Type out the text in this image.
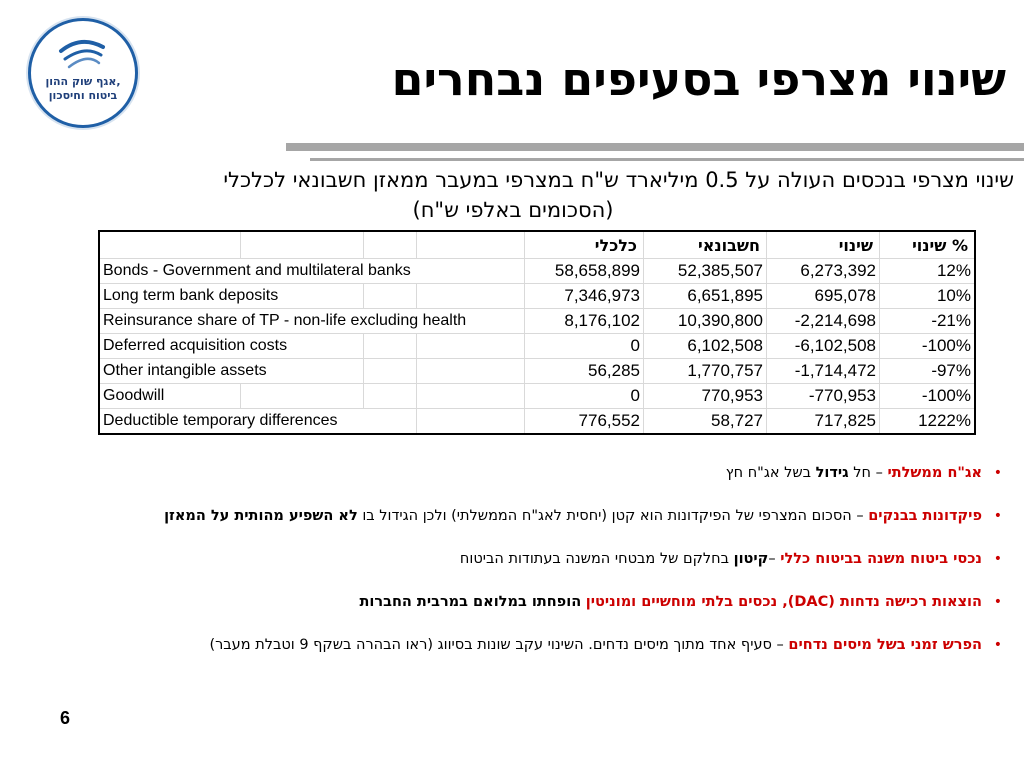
אגף שוק ההון,
ביטוח וחיסכון	שינוי מצרפי בסעיפים נבחרים
שינוי מצרפי בנכסים העולה על 0.5 מיליארד ש"ח במצרפי במעבר ממאזן חשבונאי לכלכלי
(הסכומים באלפי ש"ח)
				כלכלי	חשבונאי	שינוי	% שינוי
Bonds - Government and multilateral banks				58,658,899	52,385,507	6,273,392	12%
Long term bank deposits				7,346,973	6,651,895	695,078	10%
Reinsurance share of TP - non-life excluding health				8,176,102	10,390,800	-2,214,698	-21%
Deferred acquisition costs				0	6,102,508	-6,102,508	-100%
Other intangible assets				56,285	1,770,757	-1,714,472	-97%
Goodwill				0	770,953	-770,953	-100%
Deductible temporary differences				776,552	58,727	717,825	1222%
• אג"ח ממשלתי – חל גידול בשל אג"ח חץ
• פיקדונות בבנקים – הסכום המצרפי של הפיקדונות הוא קטן (יחסית לאג"ח הממשלתי) ולכן הגידול בו לא השפיע מהותית על המאזן
• נכסי ביטוח משנה בביטוח כללי –קיטון בחלקם של מבטחי המשנה בעתודות הביטוח
• הוצאות רכישה נדחות (DAC), נכסים בלתי מוחשיים ומוניטין הופחתו במלואם במרבית החברות
• הפרש זמני בשל מיסים נדחים – סעיף אחד מתוך מיסים נדחים. השינוי עקב שונות בסיווג (ראו הבהרה בשקף 9 וטבלת מעבר)
6
